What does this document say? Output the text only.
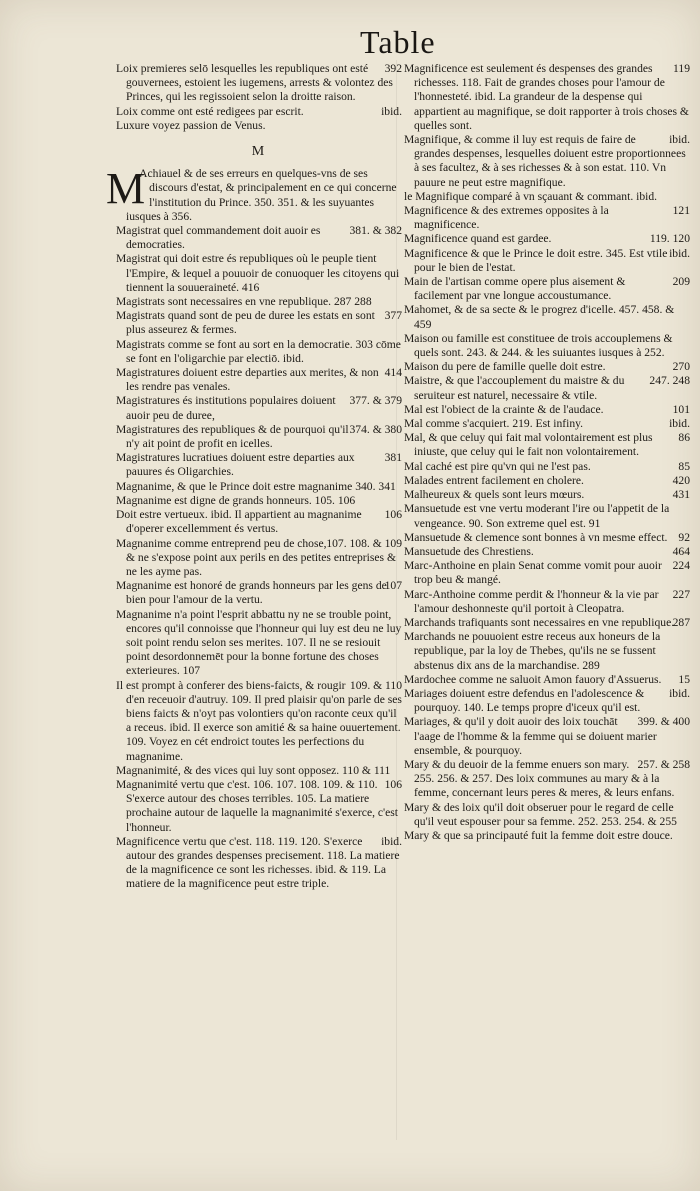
Table
392
Loix premieres selō lesquelles les republiques ont esté gouvernees, estoient les iugemens, arrests & volontez des Princes, qui les regissoient selon la droitte raison.
ibid.
Loix comme ont esté redigees par escrit.
Luxure voyez passion de Venus.
M
M
Achiauel & de ses erreurs en quelques-vns de ses discours d'estat, & principalement en ce qui concerne l'institution du Prince. 350. 351. & les suyuantes iusques à 356.
381. & 382
Magistrat quel commandement doit auoir es democraties.
Magistrat qui doit estre és republiques où le peuple tient l'Empire, & lequel a pouuoir de conuoquer les citoyens qui tiennent la souueraineté. 416
Magistrats sont necessaires en vne republique. 287 288
377
Magistrats quand sont de peu de duree les estats en sont plus asseurez & fermes.
Magistrats comme se font au sort en la democratie. 303 cōme se font en l'oligarchie par electiō. ibid.
414
Magistratures doiuent estre departies aux merites, & non les rendre pas venales.
377. & 379
Magistratures és institutions populaires doiuent auoir peu de duree,
374. & 380
Magistratures des republiques & de pourquoi qu'il n'y ait point de profit en icelles.
381
Magistratures lucratiues doiuent estre departies aux pauures és Oligarchies.
Magnanime, & que le Prince doit estre magnanime 340. 341
Magnanime est digne de grands honneurs. 105. 106
106
Doit estre vertueux. ibid. Il appartient au magnanime d'operer excellemment és vertus.
107. 108. & 109
Magnanime comme entreprend peu de chose, & ne s'expose point aux perils en des petites entreprises & ne les ayme pas.
107
Magnanime est honoré de grands honneurs par les gens de bien pour l'amour de la vertu.
Magnanime n'a point l'esprit abbattu ny ne se trouble point, encores qu'il connoisse que l'honneur qui luy est deu ne luy soit point rendu selon ses merites. 107. Il ne se resiouit point desordonnemēt pour la bonne fortune des choses exterieures. 107
109. & 110
Il est prompt à conferer des biens-faicts, & rougir d'en receuoir d'autruy. 109. Il pred plaisir qu'on parle de ses biens faicts & n'oyt pas volontiers qu'on raconte ceux qu'il a receus. ibid. Il exerce son amitié & sa haine ouuertement. 109. Voyez en cét endroict toutes les perfections du magnanime.
Magnanimité, & des vices qui luy sont opposez. 110 & 111
106
Magnanimité vertu que c'est. 106. 107. 108. 109. & 110. S'exerce autour des choses terribles. 105. La matiere prochaine autour de laquelle la magnanimité s'exerce, c'est l'honneur.
ibid.
Magnificence vertu que c'est. 118. 119. 120. S'exerce autour des grandes despenses precisement. 118. La matiere de la magnificence ce sont les richesses. ibid. & 119. La matiere de la magnificence peut estre triple.
119
Magnificence est seulement és despenses des grandes richesses. 118. Fait de grandes choses pour l'amour de l'honnesteté. ibid. La grandeur de la despense qui appartient au magnifique, se doit rapporter à trois choses & quelles sont.
ibid.
Magnifique, & comme il luy est requis de faire de grandes despenses, lesquelles doiuent estre proportionnees à ses facultez, & à ses richesses & à son estat. 110. Vn pauure ne peut estre magnifique.
le Magnifique comparé à vn sçauant & commant. ibid.
121
Magnificence & des extremes opposites à la magnificence.
119. 120
Magnificence quand est gardee.
ibid.
Magnificence & que le Prince le doit estre. 345. Est vtile pour le bien de l'estat.
209
Main de l'artisan comme opere plus aisement & facilement par vne longue accoustumance.
Mahomet, & de sa secte & le progrez d'icelle. 457. 458. & 459
Maison ou famille est constituee de trois accouplemens & quels sont. 243. & 244. & les suiuantes iusques à 252.
270
Maison du pere de famille quelle doit estre.
247. 248
Maistre, & que l'accouplement du maistre & du seruiteur est naturel, necessaire & vtile.
101
Mal est l'obiect de la crainte & de l'audace.
ibid.
Mal comme s'acquiert. 219. Est infiny.
86
Mal, & que celuy qui fait mal volontairement est plus iniuste, que celuy qui le fait non volontairement.
85
Mal caché est pire qu'vn qui ne l'est pas.
420
Malades entrent facilement en cholere.
431
Malheureux & quels sont leurs mœurs.
Mansuetude est vne vertu moderant l'ire ou l'appetit de la vengeance. 90. Son extreme quel est. 91
92
Mansuetude & clemence sont bonnes à vn mesme effect.
464
Mansuetude des Chrestiens.
224
Marc-Anthoine en plain Senat comme vomit pour auoir trop beu & mangé.
227
Marc-Anthoine comme perdit & l'honneur & la vie par l'amour deshonneste qu'il portoit à Cleopatra.
287
Marchands trafiquants sont necessaires en vne republique.
Marchands ne pouuoient estre receus aux honeurs de la republique, par la loy de Thebes, qu'ils ne se fussent abstenus dix ans de la marchandise. 289
15
Mardochee comme ne saluoit Amon fauory d'Assuerus.
ibid.
Mariages doiuent estre defendus en l'adolescence & pourquoy. 140. Le temps propre d'iceux qu'il est.
399. & 400
Mariages, & qu'il y doit auoir des loix touchāt l'aage de l'homme & la femme qui se doiuent marier ensemble, & pourquoy.
257. & 258
Mary & du deuoir de la femme enuers son mary. 255. 256. & 257. Des loix communes au mary & à la femme, concernant leurs peres & meres, & leurs enfans.
Mary & des loix qu'il doit obseruer pour le regard de celle qu'il veut espouser pour sa femme. 252. 253. 254. & 255
Mary & que sa principauté fuit la femme doit estre douce.
